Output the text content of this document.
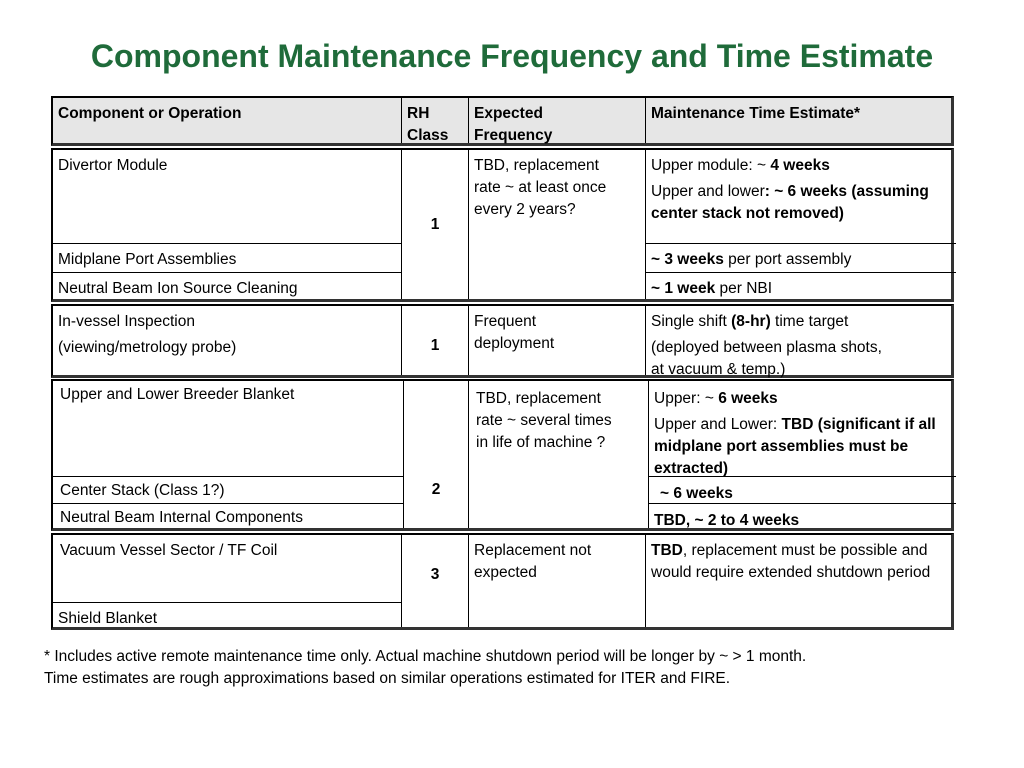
Component Maintenance Frequency and Time Estimate
Component or Operation	RH

Class

Expected

Frequency

Maintenance Time Estimate*
Divertor Module
Midplane Port Assemblies
Neutral Beam Ion Source Cleaning
1

TBD, replacement

rate ~ at least once

every 2 years?

Upper module: ~ 4 weeks

Upper and lower: ~ 6 weeks (assuming center stack not removed)

~ 3 weeks per port assembly
~ 1 week per NBI

In-vessel Inspection

(viewing/metrology probe)	1

Frequent

deployment

Single shift (8-hr) time target

(deployed between plasma shots,

at vacuum & temp.)

Upper and Lower Breeder Blanket
Center Stack (Class 1?)
Neutral Beam Internal Components
2

TBD, replacement

rate ~ several times

in life of machine ?

Upper: ~ 6 weeks

Upper and Lower: TBD (significant if all midplane port assemblies must be extracted)

~ 6 weeks
TBD, ~ 2 to 4 weeks
Vacuum Vessel Sector / TF Coil
Shield Blanket
3

Replacement not

expected

TBD, replacement must be possible and would require extended shutdown period
* Includes active remote maintenance time only. Actual machine shutdown period will be longer by ~ > 1 month.
Time estimates are rough approximations based on similar operations estimated for ITER and FIRE.
